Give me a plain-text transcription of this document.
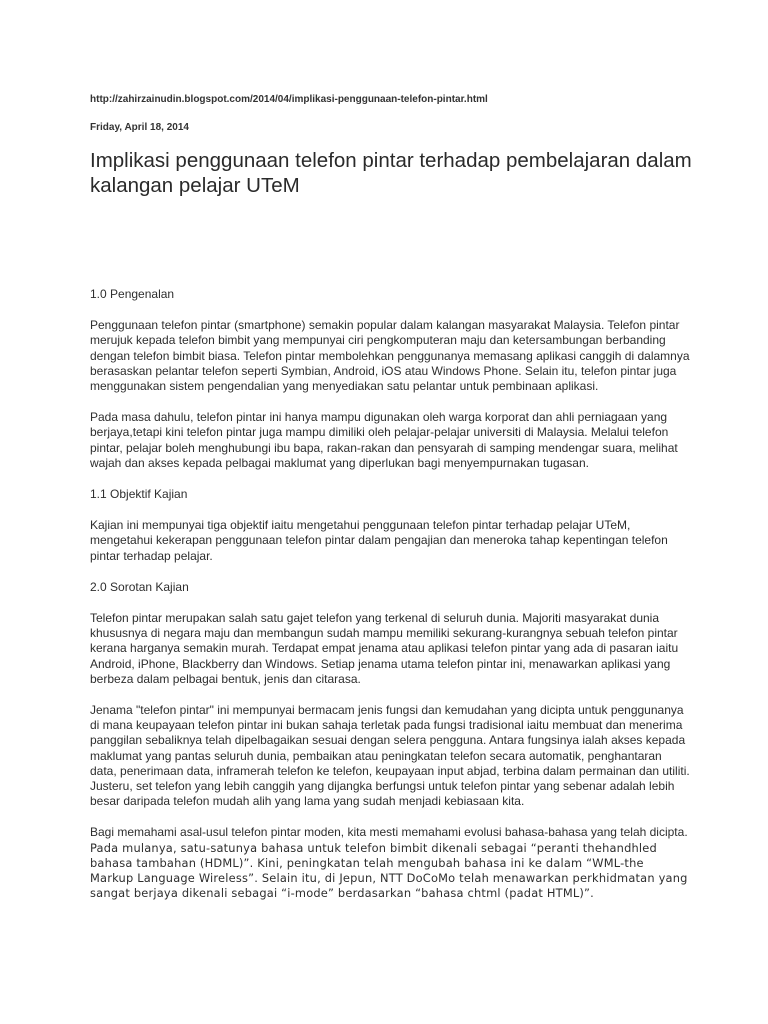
http://zahirzainudin.blogspot.com/2014/04/implikasi-penggunaan-telefon-pintar.html
Friday, April 18, 2014
Implikasi penggunaan telefon pintar terhadap pembelajaran dalam kalangan pelajar UTeM

1.0 Pengenalan

Penggunaan telefon pintar (smartphone) semakin popular dalam kalangan masyarakat Malaysia. Telefon pintar merujuk kepada telefon bimbit yang mempunyai ciri pengkomputeran maju dan ketersambungan berbanding dengan telefon bimbit biasa. Telefon pintar membolehkan penggunanya memasang aplikasi canggih di dalamnya berasaskan pelantar telefon seperti Symbian, Android, iOS atau Windows Phone. Selain itu, telefon pintar juga menggunakan sistem pengendalian yang menyediakan satu pelantar untuk pembinaan aplikasi.

Pada masa dahulu, telefon pintar ini hanya mampu digunakan oleh warga korporat dan ahli perniagaan yang berjaya,tetapi kini telefon pintar juga mampu dimiliki oleh pelajar-pelajar universiti di Malaysia. Melalui telefon pintar, pelajar boleh menghubungi ibu bapa, rakan-rakan dan pensyarah di samping mendengar suara, melihat wajah dan akses kepada pelbagai maklumat yang diperlukan bagi menyempurnakan tugasan.

1.1 Objektif Kajian

Kajian ini mempunyai tiga objektif iaitu mengetahui penggunaan telefon pintar terhadap pelajar UTeM, mengetahui kekerapan penggunaan telefon pintar dalam pengajian dan meneroka tahap kepentingan telefon pintar terhadap pelajar.

2.0 Sorotan Kajian

Telefon pintar merupakan salah satu gajet telefon yang terkenal di seluruh dunia. Majoriti masyarakat dunia khususnya di negara maju dan membangun sudah mampu memiliki sekurang-kurangnya sebuah telefon pintar kerana harganya semakin murah. Terdapat empat jenama atau aplikasi telefon pintar yang ada di pasaran iaitu Android, iPhone, Blackberry dan Windows. Setiap jenama utama telefon pintar ini, menawarkan aplikasi yang berbeza dalam pelbagai bentuk, jenis dan citarasa.

Jenama "telefon pintar" ini mempunyai bermacam jenis fungsi dan kemudahan yang dicipta untuk penggunanya di mana keupayaan telefon pintar ini bukan sahaja terletak pada fungsi tradisional iaitu membuat dan menerima panggilan sebaliknya telah dipelbagaikan sesuai dengan selera pengguna. Antara fungsinya ialah akses kepada maklumat yang pantas seluruh dunia, pembaikan atau peningkatan telefon secara automatik, penghantaran data, penerimaan data, inframerah telefon ke telefon, keupayaan input abjad, terbina dalam permainan dan utiliti. Justeru, set telefon yang lebih canggih yang dijangka berfungsi untuk telefon pintar yang sebenar adalah lebih besar daripada telefon mudah alih yang lama yang sudah menjadi kebiasaan kita.

Bagi memahami asal-usul telefon pintar moden, kita mesti memahami evolusi bahasa-bahasa yang telah dicipta. Pada mulanya, satu-satunya bahasa untuk telefon bimbit dikenali sebagai “peranti thehandhled bahasa tambahan (HDML)”. Kini, peningkatan telah mengubah bahasa ini ke dalam “WML-the Markup Language Wireless”. Selain itu, di Jepun, NTT DoCoMo telah menawarkan perkhidmatan yang sangat berjaya dikenali sebagai “i-mode” berdasarkan “bahasa chtml (padat HTML)”.
